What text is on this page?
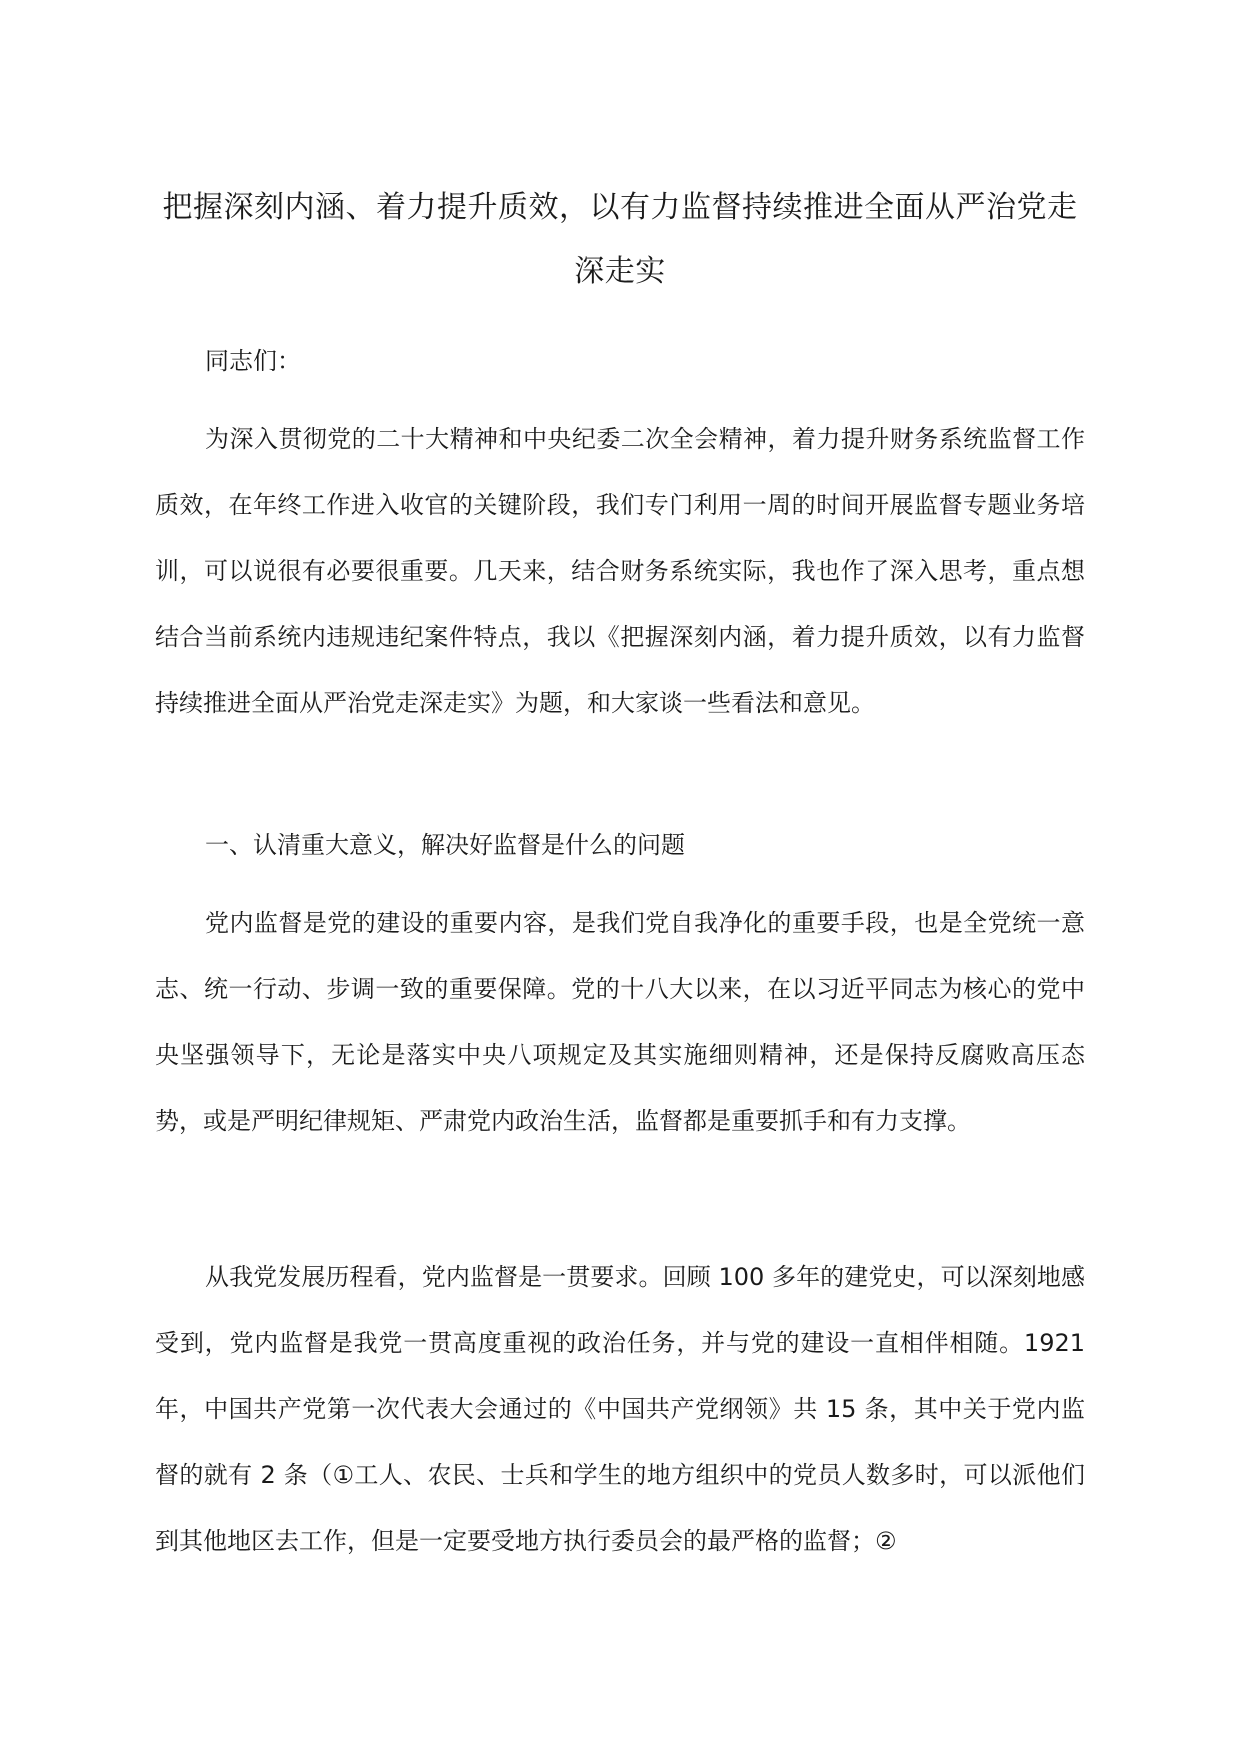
把握深刻内涵、着力提升质效，以有力监督持续推进全面从严治党走深走实

同志们：

为深入贯彻党的二十大精神和中央纪委二次全会精神，着力提升财务系统监督工作质效，在年终工作进入收官的关键阶段，我们专门利用一周的时间开展监督专题业务培训，可以说很有必要很重要。几天来，结合财务系统实际，我也作了深入思考，重点想结合当前系统内违规违纪案件特点，我以《把握深刻内涵，着力提升质效，以有力监督持续推进全面从严治党走深走实》为题，和大家谈一些看法和意见。

一、认清重大意义，解决好监督是什么的问题

党内监督是党的建设的重要内容，是我们党自我净化的重要手段，也是全党统一意志、统一行动、步调一致的重要保障。党的十八大以来，在以习近平同志为核心的党中央坚强领导下，无论是落实中央八项规定及其实施细则精神，还是保持反腐败高压态势，或是严明纪律规矩、严肃党内政治生活，监督都是重要抓手和有力支撑。

从我党发展历程看，党内监督是一贯要求。回顾 100 多年的建党史，可以深刻地感受到，党内监督是我党一贯高度重视的政治任务，并与党的建设一直相伴相随。1921 年，中国共产党第一次代表大会通过的《中国共产党纲领》共 15 条，其中关于党内监督的就有 2 条（①工人、农民、士兵和学生的地方组织中的党员人数多时，可以派他们到其他地区去工作，但是一定要受地方执行委员会的最严格的监督；②
